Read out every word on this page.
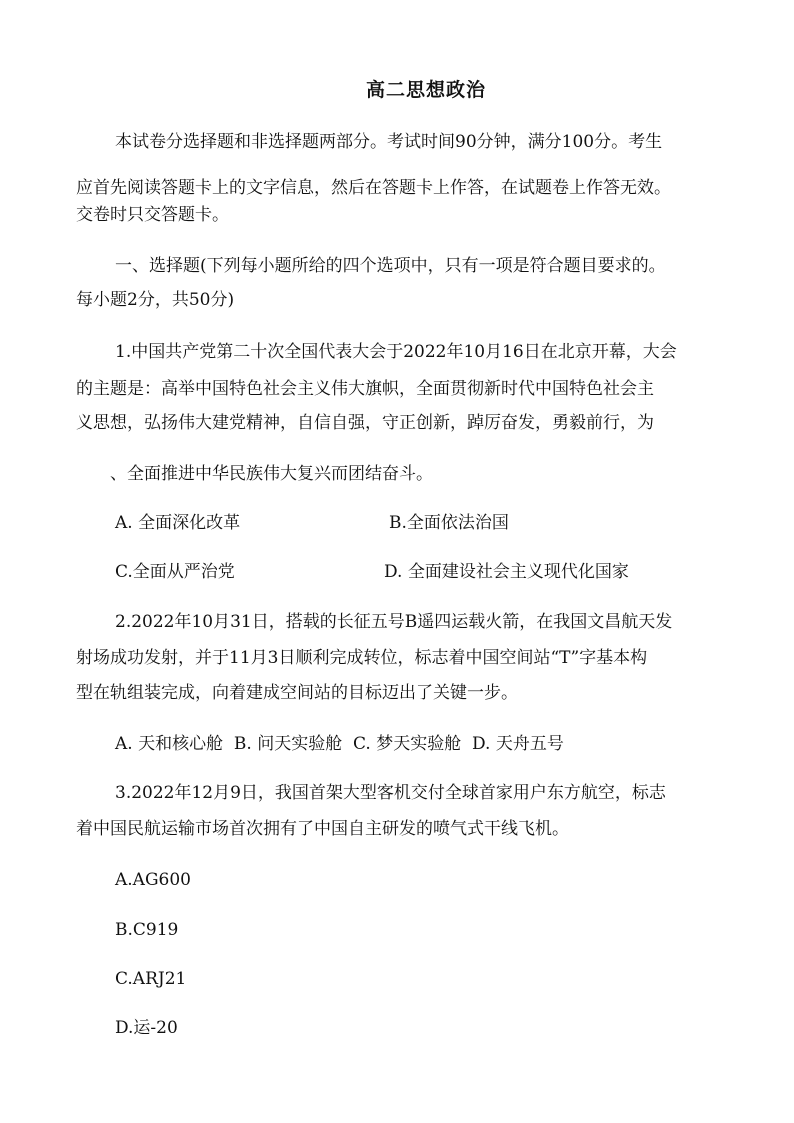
高二思想政治
本试卷分选择题和非选择题两部分。考试时间90分钟，满分100分。考生
应首先阅读答题卡上的文字信息，然后在答题卡上作答，在试题卷上作答无效。
交卷时只交答题卡。
一、选择题(下列每小题所给的四个选项中，只有一项是符合题目要求的。
每小题2分，共50分)
1.中国共产党第二十次全国代表大会于2022年10月16日在北京开幕，大会
的主题是：高举中国特色社会主义伟大旗帜，全面贯彻新时代中国特色社会主
义思想，弘扬伟大建党精神，自信自强，守正创新，踔厉奋发，勇毅前行，为
、全面推进中华民族伟大复兴而团结奋斗。
A. 全面深化改革	B.全面依法治国
C.全面从严治党	D. 全面建设社会主义现代化国家
2.2022年10月31日，搭载的长征五号B遥四运载火箭，在我国文昌航天发
射场成功发射，并于11月3日顺利完成转位，标志着中国空间站“T”字基本构
型在轨组装完成，向着建成空间站的目标迈出了关键一步。
A. 天和核心舱  B. 问天实验舱  C. 梦天实验舱  D. 天舟五号
3.2022年12月9日，我国首架大型客机交付全球首家用户东方航空，标志
着中国民航运输市场首次拥有了中国自主研发的喷气式干线飞机。
A.AG600
B.C919
C.ARJ21
D.运-20
